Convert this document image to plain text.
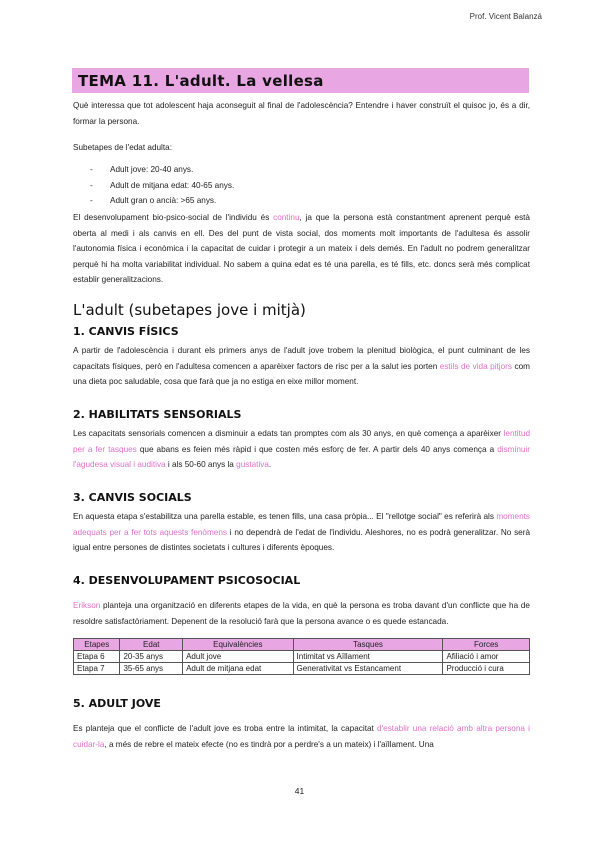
Prof. Vicent Balanzá
TEMA 11. L'adult. La vellesa
Què interessa que tot adolescent haja aconseguit al final de l'adolescència? Entendre i haver construït el quisoc jo, és a dir, formar la persona.
Subetapes de l'edat adulta:
- Adult jove: 20-40 anys.
- Adult de mitjana edat: 40-65 anys.
- Adult gran o ancià: >65 anys.
El desenvolupament bio-psico-social de l'individu és continu, ja que la persona està constantment aprenent perquè està oberta al medi i als canvis en ell. Des del punt de vista social, dos moments molt importants de l'adultesa és assolir l'autonomia física i econòmica i la capacitat de cuidar i protegir a un mateix i dels demés. En l'adult no podrem generalitzar perquè hi ha molta variabilitat individual. No sabem a quina edat es té una parella, es té fills, etc. doncs serà més complicat establir generalitzacions.
L'adult (subetapes jove i mitjà)
1. CANVIS FÍSICS
A partir de l'adolescència i durant els primers anys de l'adult jove trobem la plenitud biològica, el punt culminant de les capacitats físiques, però en l'adultesa comencen a aparèixer factors de risc per a la salut ies porten estils de vida pitjors com una dieta poc saludable, cosa que farà que ja no estiga en eixe millor moment.
2. HABILITATS SENSORIALS
Les capacitats sensorials comencen a disminuir a edats tan promptes com als 30 anys, en què comença a aparèixer lentitud per a fer tasques que abans es feien més ràpid i que costen més esforç de fer. A partir dels 40 anys comença a disminuir l'agudesa visual i auditiva i als 50-60 anys la gustativa.
3. CANVIS SOCIALS
En aquesta etapa s'estabilitza una parella estable, es tenen fills, una casa pròpia... El "rellotge social" es referirà als moments adequats per a fer tots aquests fenòmens i no dependrà de l'edat de l'individu. Aleshores, no es podrà generalitzar. No serà igual entre persones de distintes societats i cultures i diferents èpoques.
4. DESENVOLUPAMENT PSICOSOCIAL
Erikson planteja una organització en diferents etapes de la vida, en què la persona es troba davant d'un conflicte que ha de resoldre satisfactòriament. Depenent de la resolució farà que la persona avance o es quede estancada.
Etapes	Edat	Equivalències	Tasques	Forces
Etapa 6	20-35 anys	Adult jove	Intimitat vs Aïllament	Afiliació i amor
Etapa 7	35-65 anys	Adult de mitjana edat	Generativitat vs Estancament	Producció i cura
5. ADULT JOVE
Es planteja que el conflicte de l'adult jove es troba entre la intimitat, la capacitat d'establir una relació amb altra persona i cuidar-la, a més de rebre el mateix efecte (no es tindrà por a perdre's a un mateix) i l'aïllament. Una
41
